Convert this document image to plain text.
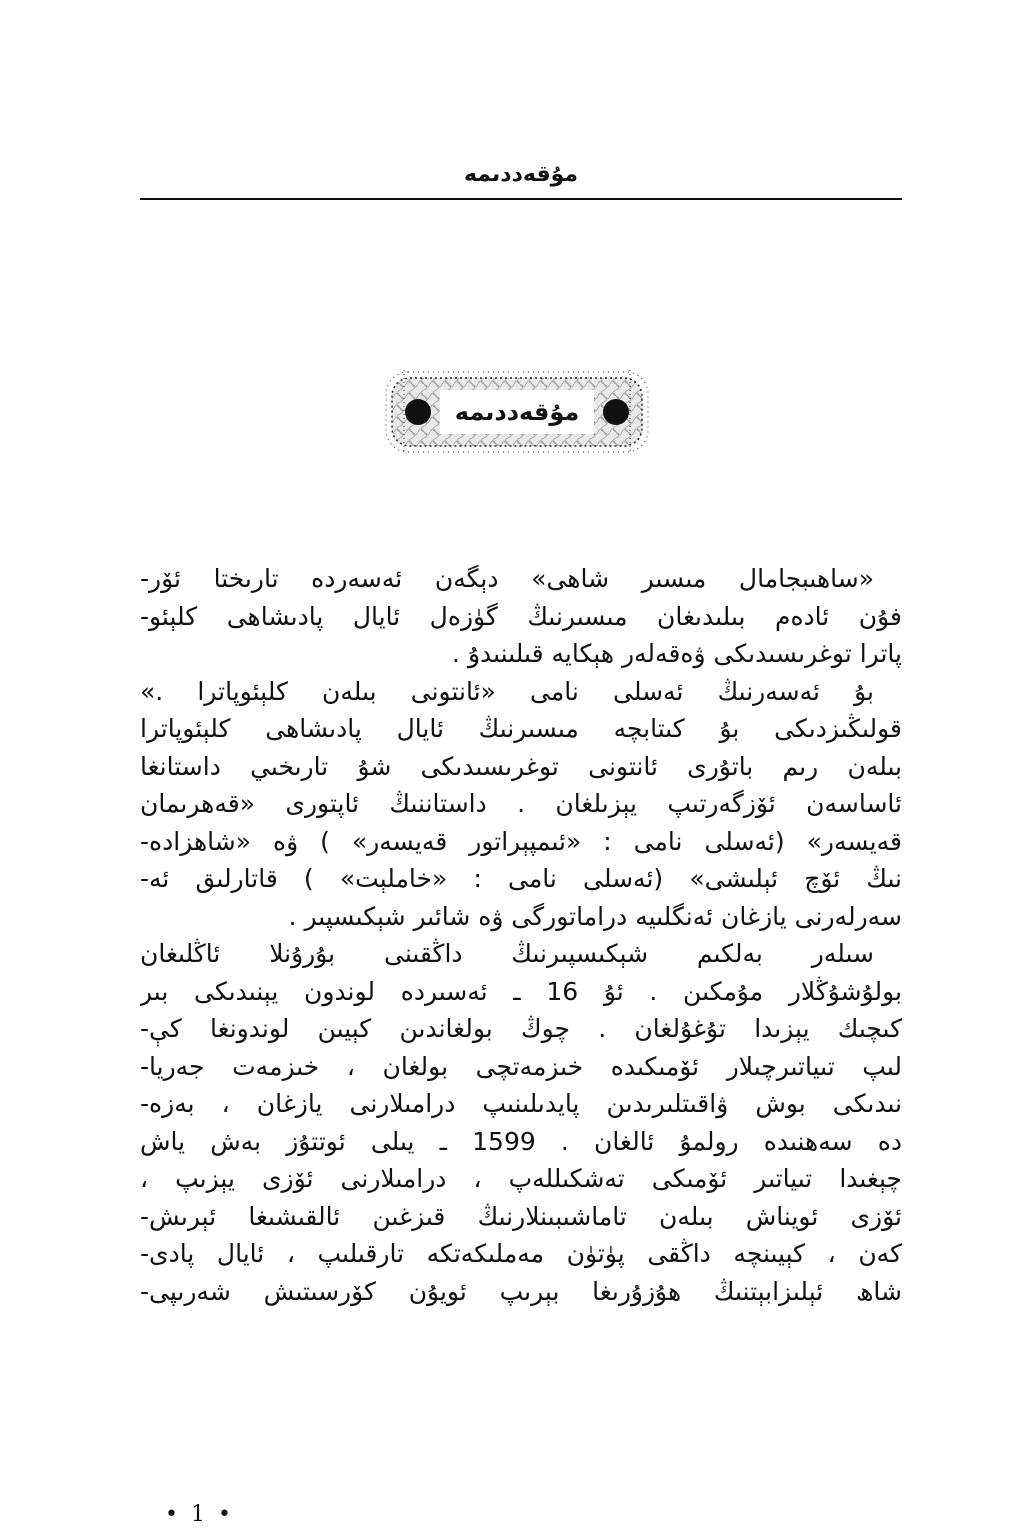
مۇقەددىمە
مۇقەددىمە
«ساھىبجامال مىسىر شاھى» دېگەن ئەسەردە تارىختا ئۆر-
فۇن ئادەم بىلىدىغان مىسىرنىڭ گۈزەل ئايال پادىشاھى كلېئو-
پاترا توغرىسىدىكى ۋەقەلەر ھېكايە قىلىنىدۇ .
بۇ ئەسەرنىڭ ئەسلى نامى «ئانتونى بىلەن كلېئوپاترا .»
قولىڭىزدىكى بۇ كىتابچە مىسىرنىڭ ئايال پادىشاھى كلېئوپاترا
بىلەن رىم باتۇرى ئانتونى توغرىسىدىكى شۇ تارىخىي داستانغا
ئاساسەن ئۆزگەرتىپ يېزىلغان . داستاننىڭ ئاپتورى «قەھرىمان
قەيسەر» (ئەسلى نامى : «ئىمپېراتور قەيسەر» ) ۋە «شاھزادە-
نىڭ ئۆچ ئېلىشى» (ئەسلى نامى : «خاملېت» ) قاتارلىق ئە-
سەرلەرنى يازغان ئەنگلىيە دراماتورگى ۋە شائىر شېكىسپىر .
سىلەر بەلكىم شېكىسپىرنىڭ داڭقىنى بۇرۇنلا ئاڭلىغان
بولۇشۇڭلار مۇمكىن . ئۇ 16 ـ ئەسىردە لوندون يېنىدىكى بىر
كىچىك يېزىدا تۇغۇلغان . چوڭ بولغاندىن كېيىن لوندونغا كې-
لىپ تىياتىرچىلار ئۆمىكىدە خىزمەتچى بولغان ، خىزمەت جەريا-
نىدىكى بوش ۋاقىتلىرىدىن پايدىلىنىپ درامىلارنى يازغان ، بەزە-
دە سەھنىدە رولمۇ ئالغان . 1599 ـ يىلى ئوتتۇز بەش ياش
چېغىدا تىياتىر ئۆمىكى تەشكىللەپ ، درامىلارنى ئۆزى يېزىپ ،
ئۆزى ئويناش بىلەن تاماشىبىنلارنىڭ قىزغىن ئالقىشىغا ئېرىش-
كەن ، كېيىنچە داڭقى پۈتۈن مەملىكەتكە تارقىلىپ ، ئايال پادى-
شاھ ئېلىزابېتنىڭ ھۇزۇرىغا بېرىپ ئويۇن كۆرسىتىش شەرىپى-
• 1 •
